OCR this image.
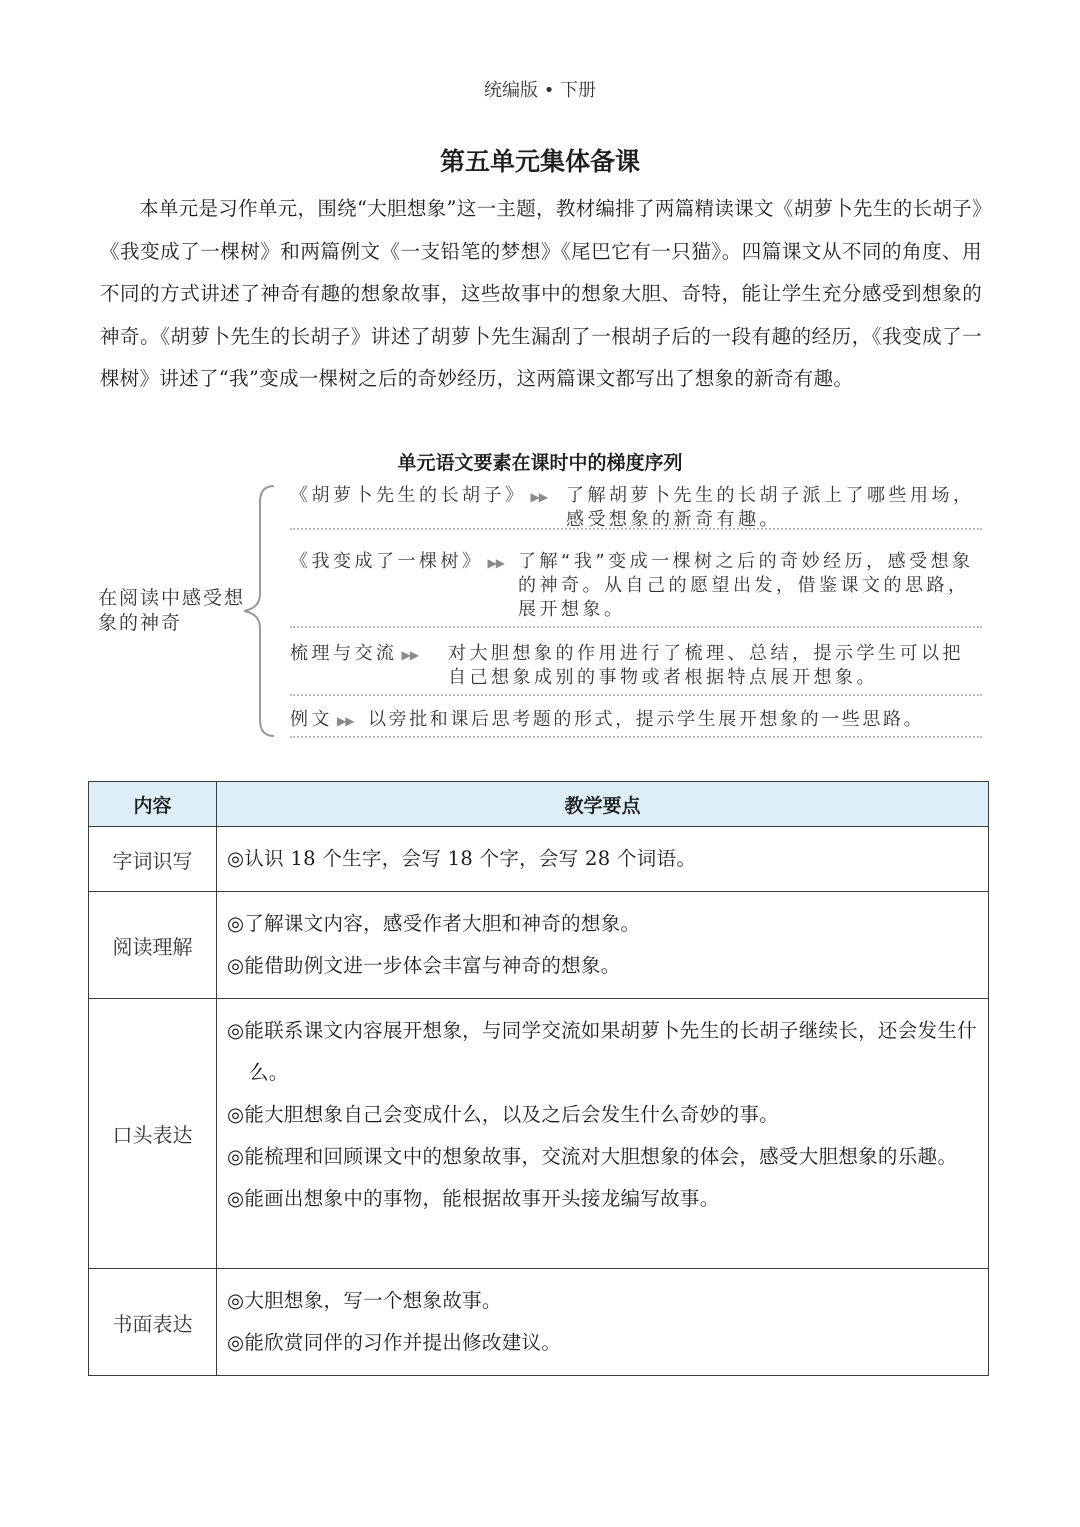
统编版 • 下册
第五单元集体备课

本单元是习作单元，围绕“大胆想象”这一主题，教材编排了两篇精读课文《胡萝卜先生的长胡子》《我变成了一棵树》和两篇例文《一支铅笔的梦想》《尾巴它有一只猫》。四篇课文从不同的角度、用不同的方式讲述了神奇有趣的想象故事，这些故事中的想象大胆、奇特，能让学生充分感受到想象的神奇。《胡萝卜先生的长胡子》讲述了胡萝卜先生漏刮了一根胡子后的一段有趣的经历，《我变成了一棵树》讲述了“我”变成一棵树之后的奇妙经历，这两篇课文都写出了想象的新奇有趣。

单元语文要素在课时中的梯度序列
在阅读中感受想象的神奇
《胡萝卜先生的长胡子》 ▶▶ 了解胡萝卜先生的长胡子派上了哪些用场，感受想象的新奇有趣。
《我变成了一棵树》 ▶▶ 了解“我”变成一棵树之后的奇妙经历，感受想象的神奇。从自己的愿望出发，借鉴课文的思路，展开想象。
梳理与交流 ▶▶ 对大胆想象的作用进行了梳理、总结，提示学生可以把自己想象成别的事物或者根据特点展开想象。
例文 ▶▶ 以旁批和课后思考题的形式，提示学生展开想象的一些思路。
内容	教学要点
字词识写	◎认识 18 个生字，会写 18 个字，会写 28 个词语。

阅读理解	◎了解课文内容，感受作者大胆和神奇的想象。
◎能借助例文进一步体会丰富与神奇的想象。

口头表达	◎能联系课文内容展开想象，与同学交流如果胡萝卜先生的长胡子继续长，还会发生什么。
◎能大胆想象自己会变成什么，以及之后会发生什么奇妙的事。
◎能梳理和回顾课文中的想象故事，交流对大胆想象的体会，感受大胆想象的乐趣。
◎能画出想象中的事物，能根据故事开头接龙编写故事。

书面表达	◎大胆想象，写一个想象故事。
◎能欣赏同伴的习作并提出修改建议。
